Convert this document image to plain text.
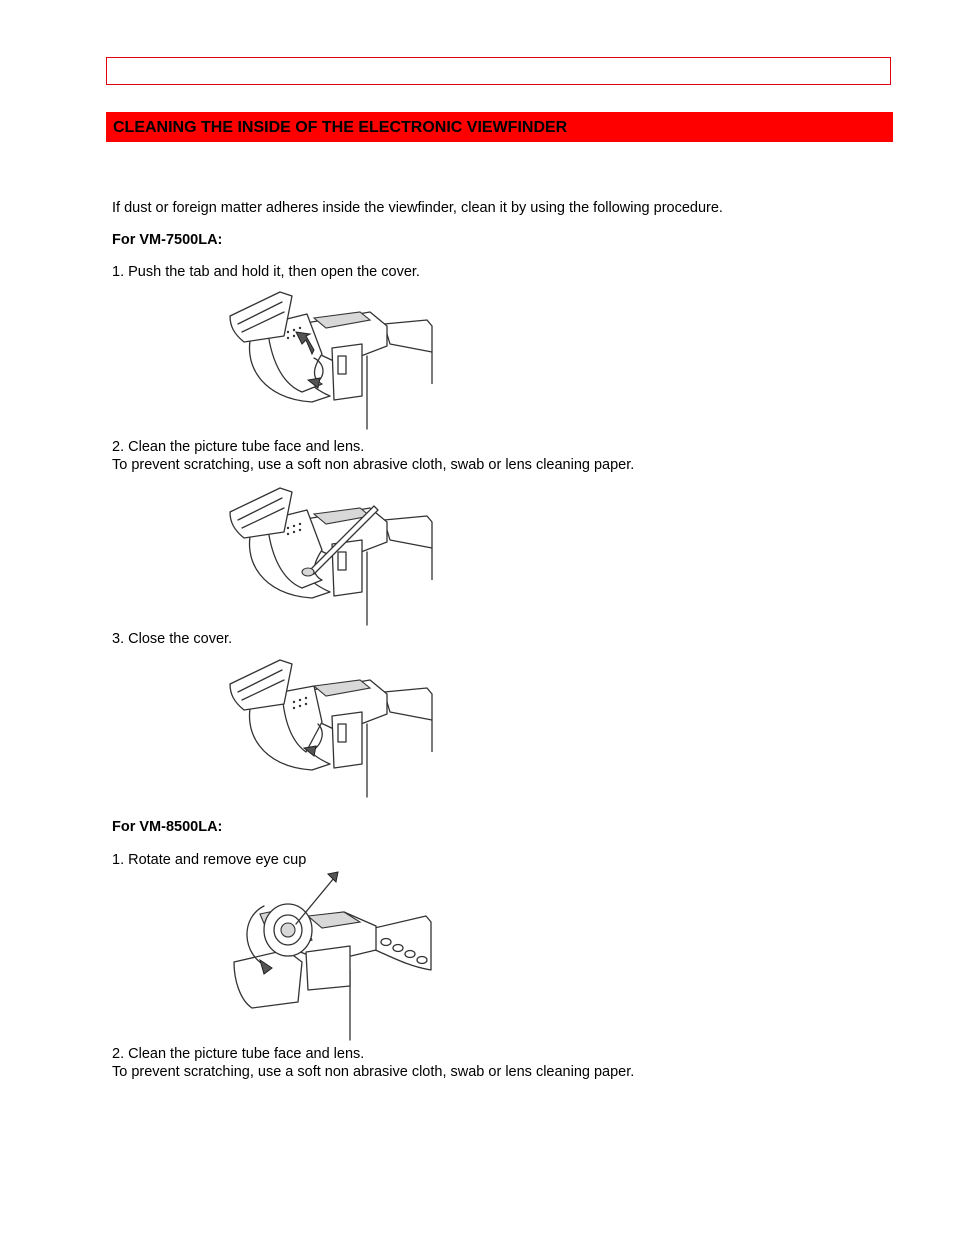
CLEANING THE INSIDE OF THE ELECTRONIC VIEWFINDER
If dust or foreign matter adheres inside the viewfinder, clean it by using the following procedure.
For VM-7500LA:
1. Push the tab and hold it, then open the cover.
2. Clean the picture tube face and lens.
To prevent scratching, use a soft non abrasive cloth, swab or lens cleaning paper.
3. Close the cover.
For VM-8500LA:
1. Rotate and remove eye cup
2. Clean the picture tube face and lens.
To prevent scratching, use a soft non abrasive cloth, swab or lens cleaning paper.
